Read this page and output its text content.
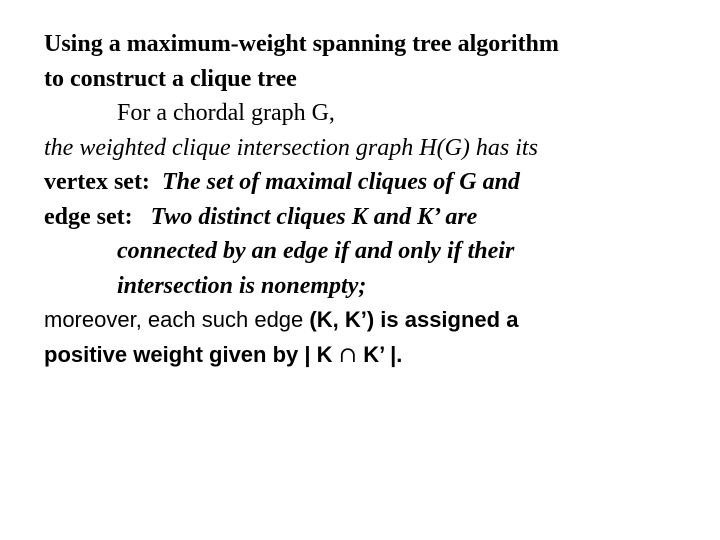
Using a maximum-weight spanning tree algorithm
to construct a clique tree
For a chordal graph G,
the weighted clique intersection graph H(G) has its
vertex set: The set of maximal cliques of G and
edge set: Two distinct cliques K and K’ are
connected by an edge if and only if their
intersection is nonempty;
moreover, each such edge (K, K’) is assigned a
positive weight given by | K ∩ K’ |.
